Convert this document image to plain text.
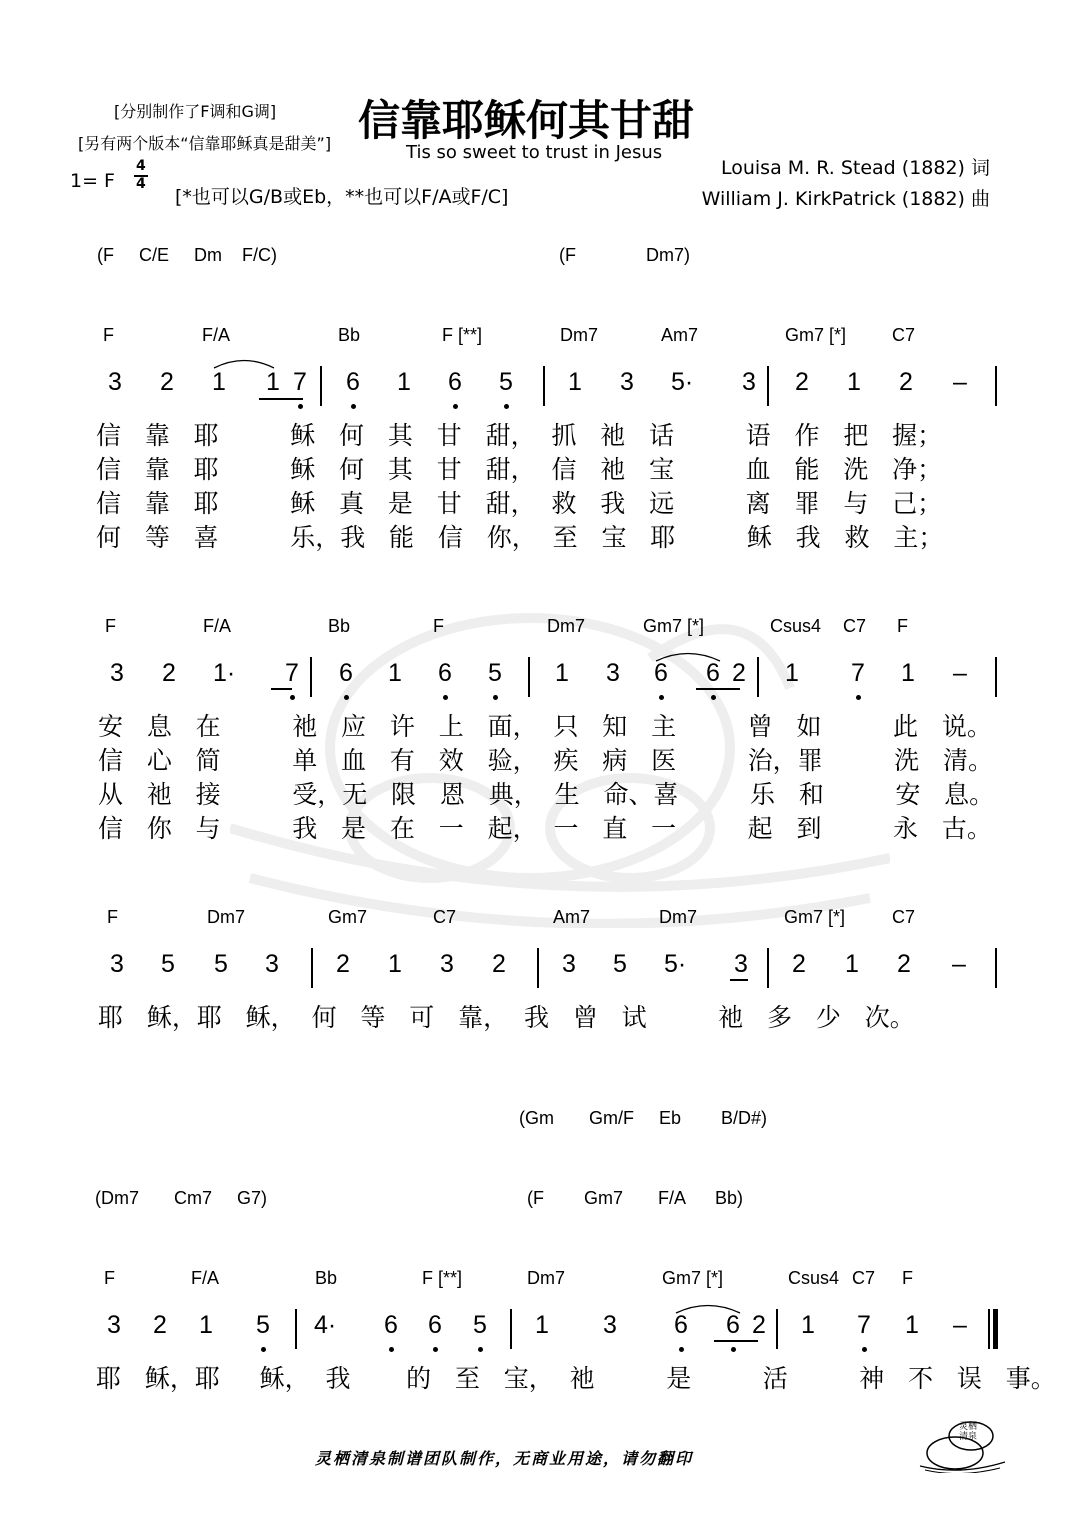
[分别制作了F调和G调]
[另有两个版本“信靠耶稣真是甜美”] 信靠耶稣何其甘甜
Tis so sweet to trust in Jesus
1= F
4
4
[*也可以G/B或Eb，**也可以F/A或F/C]
Louisa M. R. Stead (1882) 词
William J. KirkPatrick (1882) 曲
(F     C/E     Dm    F/C)	(F              Dm7)
F	F/A	Bb	F [**]	Dm7	Am7	Gm7 [*]	C7
3 2 1 1 7 6 1 6 5 1 3 5· 3 2 1 2 –
信   靠   耶         稣   何   其   甘   甜，  抓   祂   话         语   作   把   握；
信   靠   耶         稣   何   其   甘   甜，  信   祂   宝         血   能   洗   净；
信   靠   耶         稣   真   是   甘   甜，  救   我   远         离   罪   与   己；
何   等   喜         乐，我   能   信   你，  至   宝   耶         稣   我   救   主；
F	F/A	Bb	F	Dm7	Gm7 [*]	Csus4 C7 F
3 2 1· 7 6 1 6 5 1 3 6 6 2 1 7 1 –
安   息   在         祂   应   许   上   面，  只   知   主         曾   如         此   说。
信   心   简         单   血   有   效   验，  疾   病   医         治，罪         洗   清。
从   祂   接         受，无   限   恩   典，  生   命、喜         乐   和         安   息。
信   你   与         我   是   在   一   起，  一   直   一         起   到         永   古。
F	Dm7	Gm7	C7	Am7	Dm7	Gm7 [*]	C7
3 5 5 3 2 1 3 2 3 5 5· 3 2 1 2 –
耶   稣，耶   稣，  何   等   可   靠，  我   曾   试         祂   多   少   次。
F	F/A	Bb	F [**]	Dm7	Gm7 [*]	Csus4 C7 F
3 2 1 5 4· 6 6 5 1 3 6 6 2 1 7 1 –
耶   稣，耶     稣，  我       的   至   宝，  祂         是         活         神   不   误   事。
(Gm       Gm/F     Eb        B/D#)
(Dm7       Cm7     G7)	(F        Gm7       F/A      Bb)
灵栖清泉制谱团队制作，无商业用途，请勿翻印
灵栖清泉
